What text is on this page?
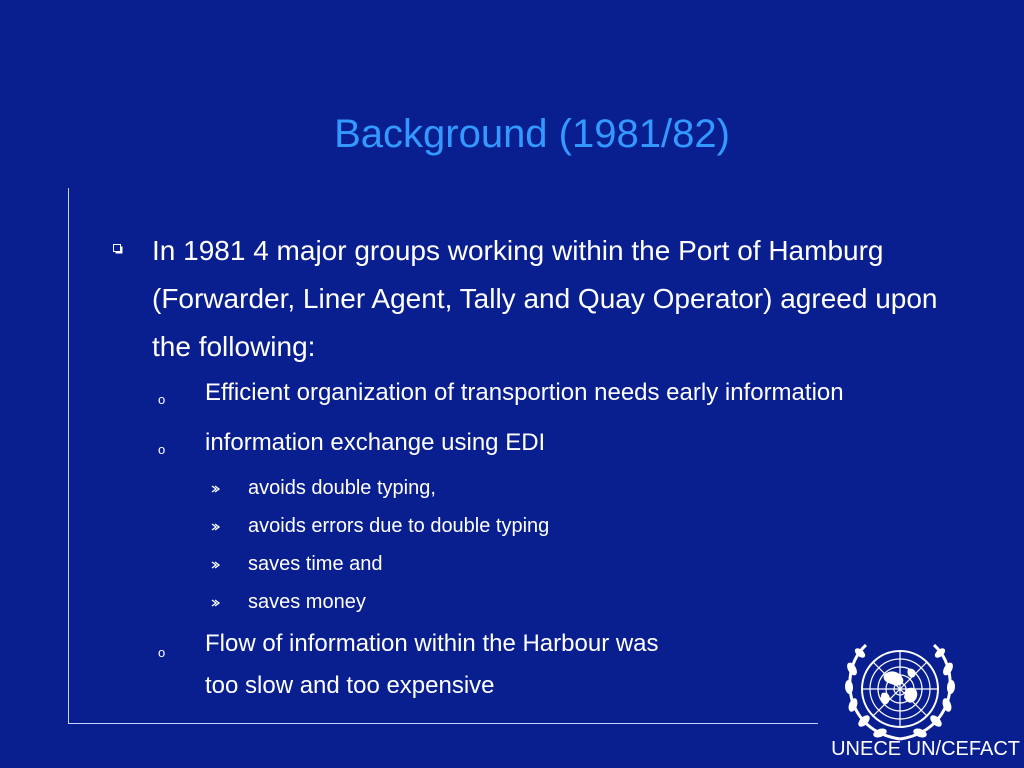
Background (1981/82)
In 1981 4 major groups working within the Port of Hamburg (Forwarder, Liner Agent, Tally and Quay Operator) agreed upon the following:
o Efficient organization of transportion needs early information
o information exchange using EDI
avoids double typing,
avoids errors due to double typing
saves time and
saves money
o Flow of information within the Harbour was
too slow and too expensive
UNECE UN/CEFACT
